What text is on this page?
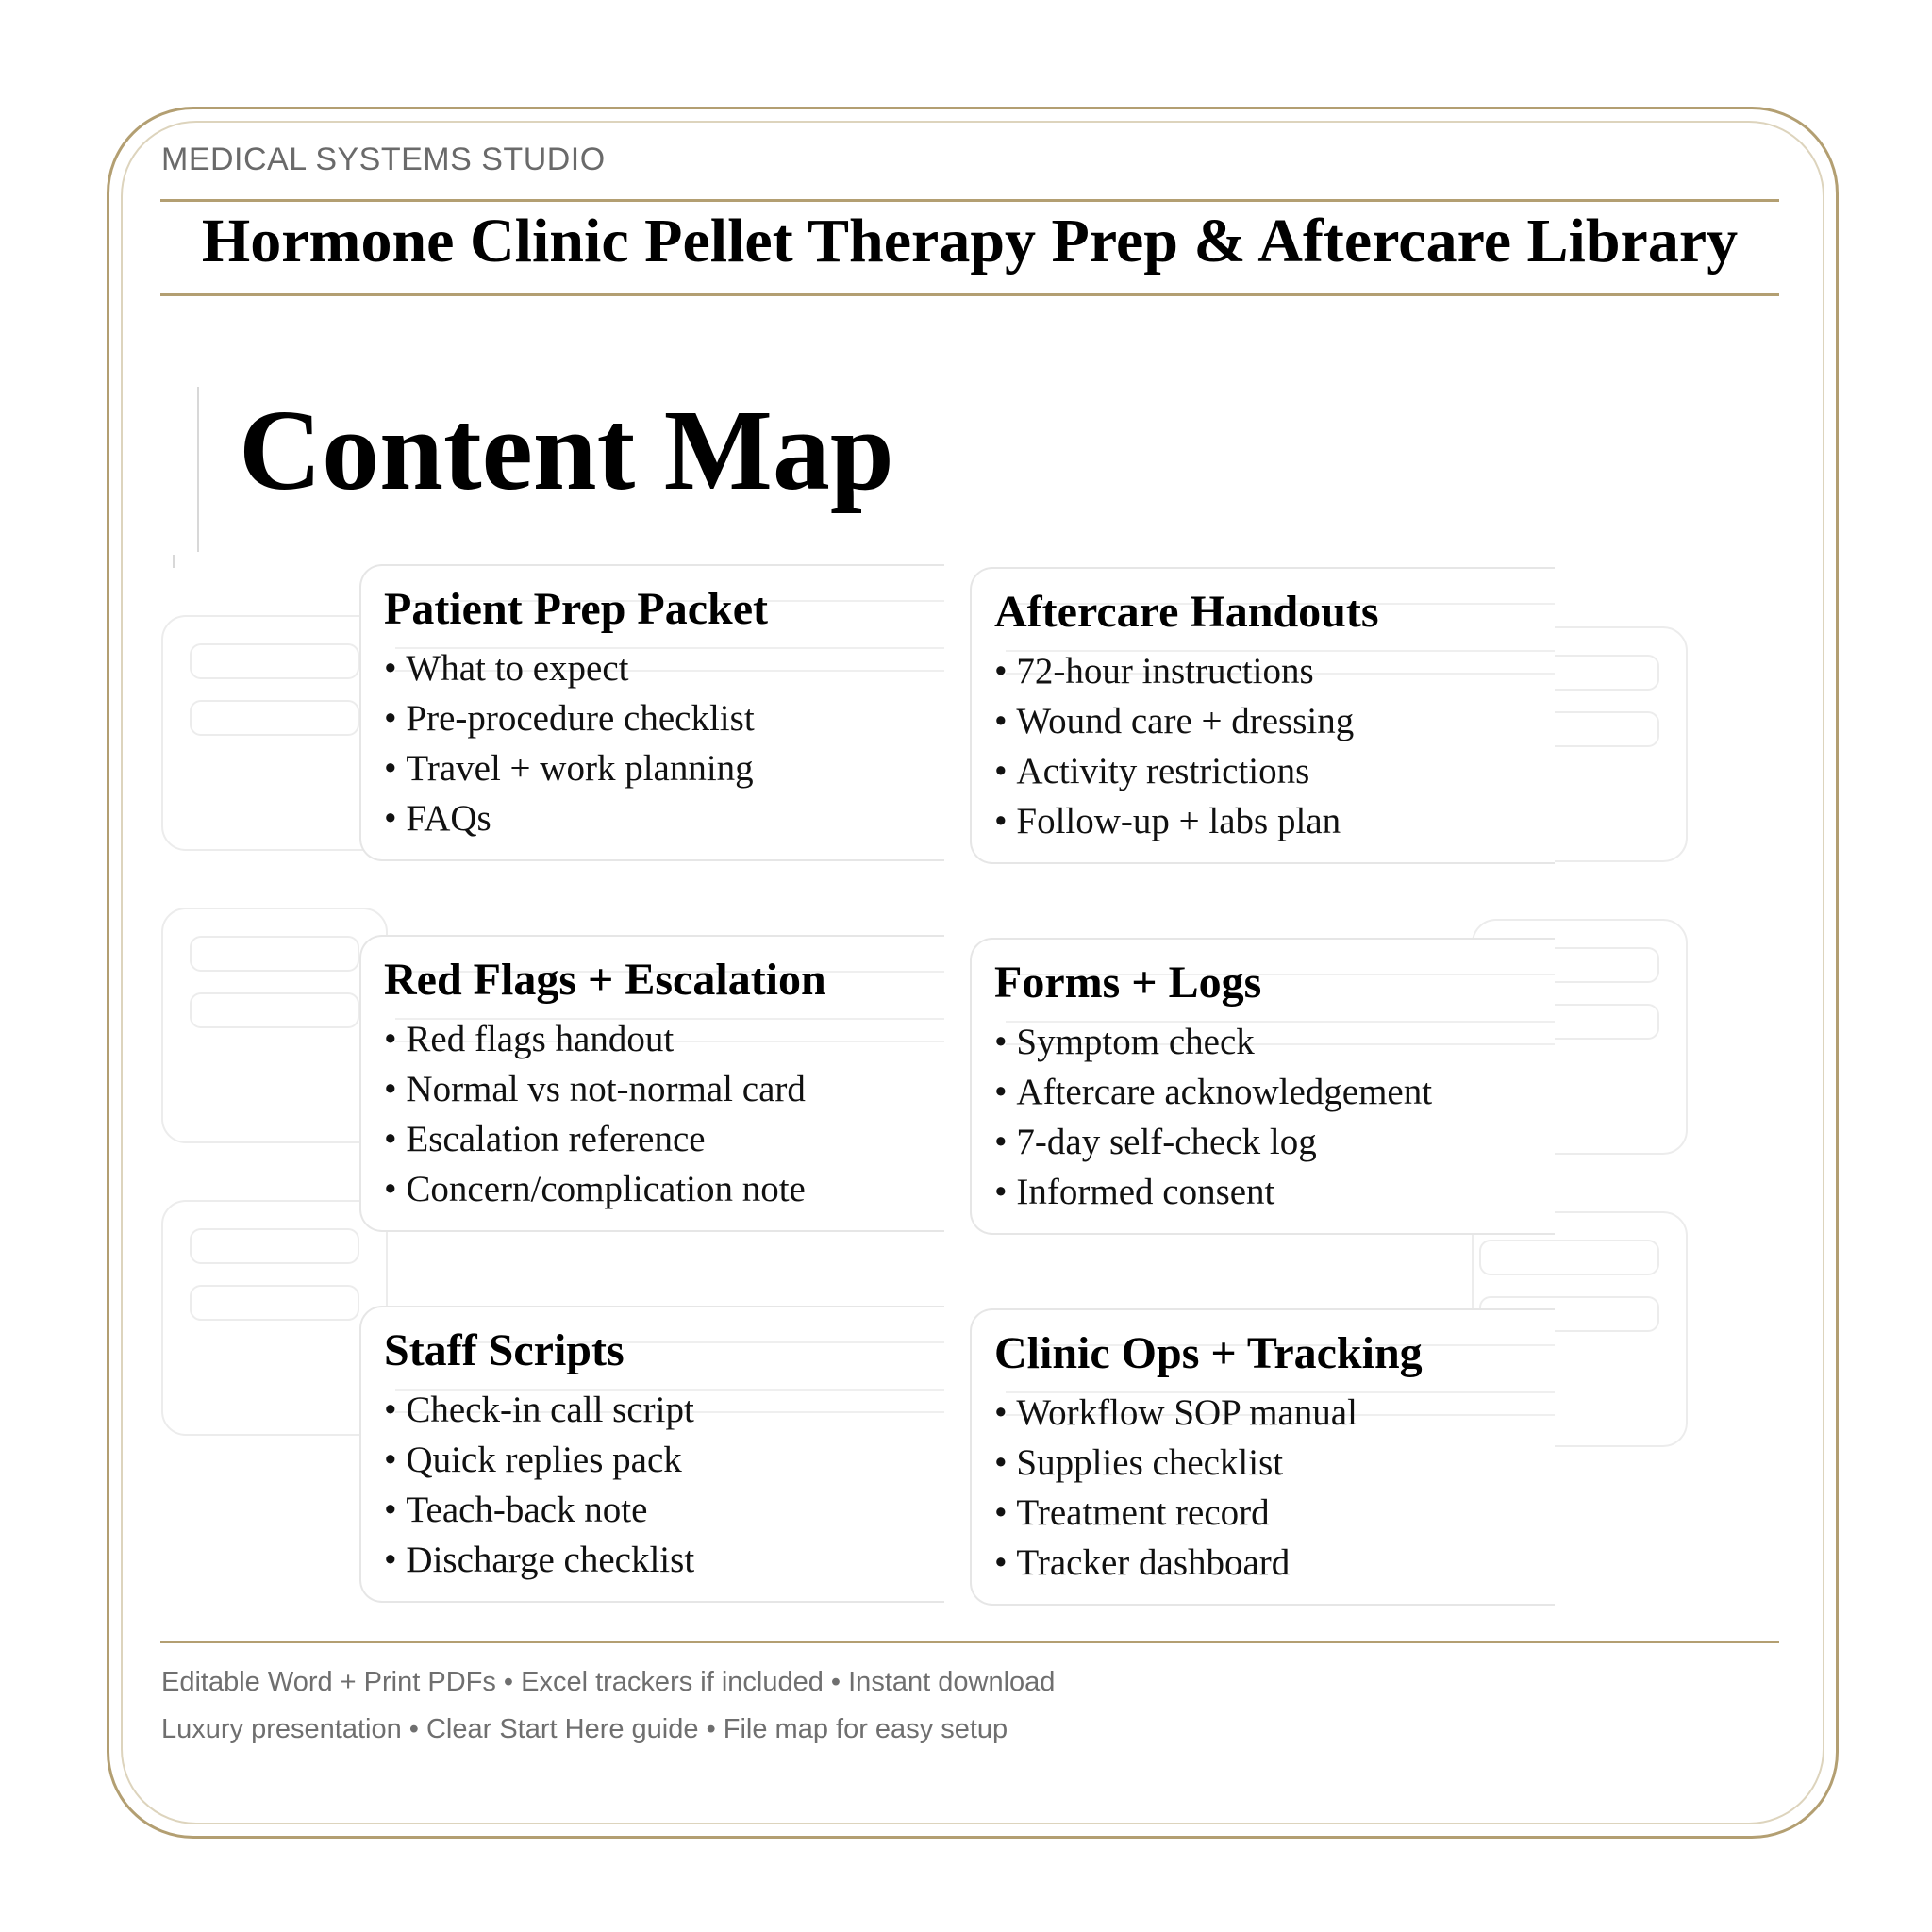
MEDICAL SYSTEMS STUDIO
Hormone Clinic Pellet Therapy Prep & Aftercare Library
Content Map
Patient Prep Packet
• What to expect
• Pre-procedure checklist
• Travel + work planning
• FAQs
Aftercare Handouts
• 72-hour instructions
• Wound care + dressing
• Activity restrictions
• Follow-up + labs plan
Red Flags + Escalation
• Red flags handout
• Normal vs not-normal card
• Escalation reference
• Concern/complication note
Forms + Logs
• Symptom check
• Aftercare acknowledgement
• 7-day self-check log
• Informed consent
Staff Scripts
• Check-in call script
• Quick replies pack
• Teach-back note
• Discharge checklist
Clinic Ops + Tracking
• Workflow SOP manual
• Supplies checklist
• Treatment record
• Tracker dashboard
Editable Word + Print PDFs • Excel trackers if included • Instant download
Luxury presentation • Clear Start Here guide • File map for easy setup
